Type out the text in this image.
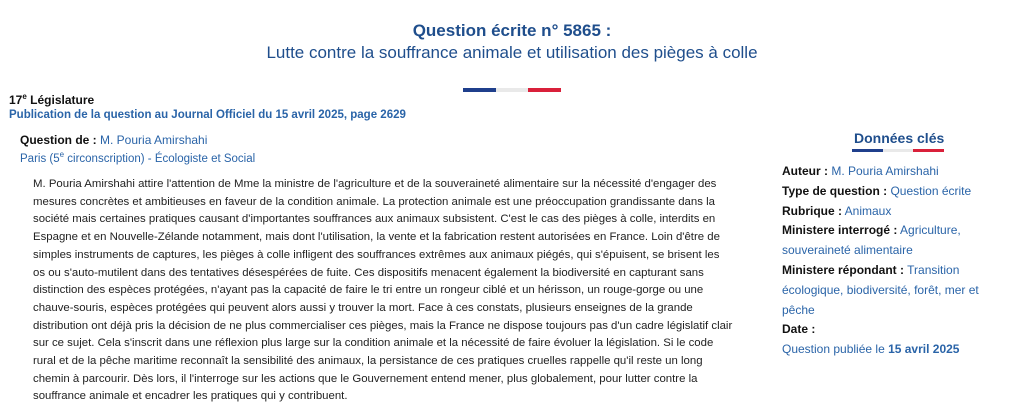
Question écrite n° 5865 :
Lutte contre la souffrance animale et utilisation des pièges à colle
17e Législature
Publication de la question au Journal Officiel du 15 avril 2025, page 2629
Question de : M. Pouria Amirshahi
Paris (5e circonscription) - Écologiste et Social
M. Pouria Amirshahi attire l'attention de Mme la ministre de l'agriculture et de la souveraineté alimentaire sur la nécessité d'engager des mesures concrètes et ambitieuses en faveur de la condition animale. La protection animale est une préoccupation grandissante dans la société mais certaines pratiques causant d'importantes souffrances aux animaux subsistent. C'est le cas des pièges à colle, interdits en Espagne et en Nouvelle-Zélande notamment, mais dont l'utilisation, la vente et la fabrication restent autorisées en France. Loin d'être de simples instruments de captures, les pièges à colle infligent des souffrances extrêmes aux animaux piégés, qui s'épuisent, se brisent les os ou s'auto-mutilent dans des tentatives désespérées de fuite. Ces dispositifs menacent également la biodiversité en capturant sans distinction des espèces protégées, n'ayant pas la capacité de faire le tri entre un rongeur ciblé et un hérisson, un rouge-gorge ou une chauve-souris, espèces protégées qui peuvent alors aussi y trouver la mort. Face à ces constats, plusieurs enseignes de la grande distribution ont déjà pris la décision de ne plus commercialiser ces pièges, mais la France ne dispose toujours pas d'un cadre législatif clair sur ce sujet. Cela s'inscrit dans une réflexion plus large sur la condition animale et la nécessité de faire évoluer la législation. Si le code rural et de la pêche maritime reconnaît la sensibilité des animaux, la persistance de ces pratiques cruelles rappelle qu'il reste un long chemin à parcourir. Dès lors, il l'interroge sur les actions que le Gouvernement entend mener, plus globalement, pour lutter contre la souffrance animale et encadrer les pratiques qui y contribuent.
Données clés
Auteur : M. Pouria Amirshahi
Type de question : Question écrite
Rubrique : Animaux
Ministere interrogé : Agriculture, souveraineté alimentaire
Ministere répondant : Transition écologique, biodiversité, forêt, mer et pêche
Date :
Question publiée le 15 avril 2025
